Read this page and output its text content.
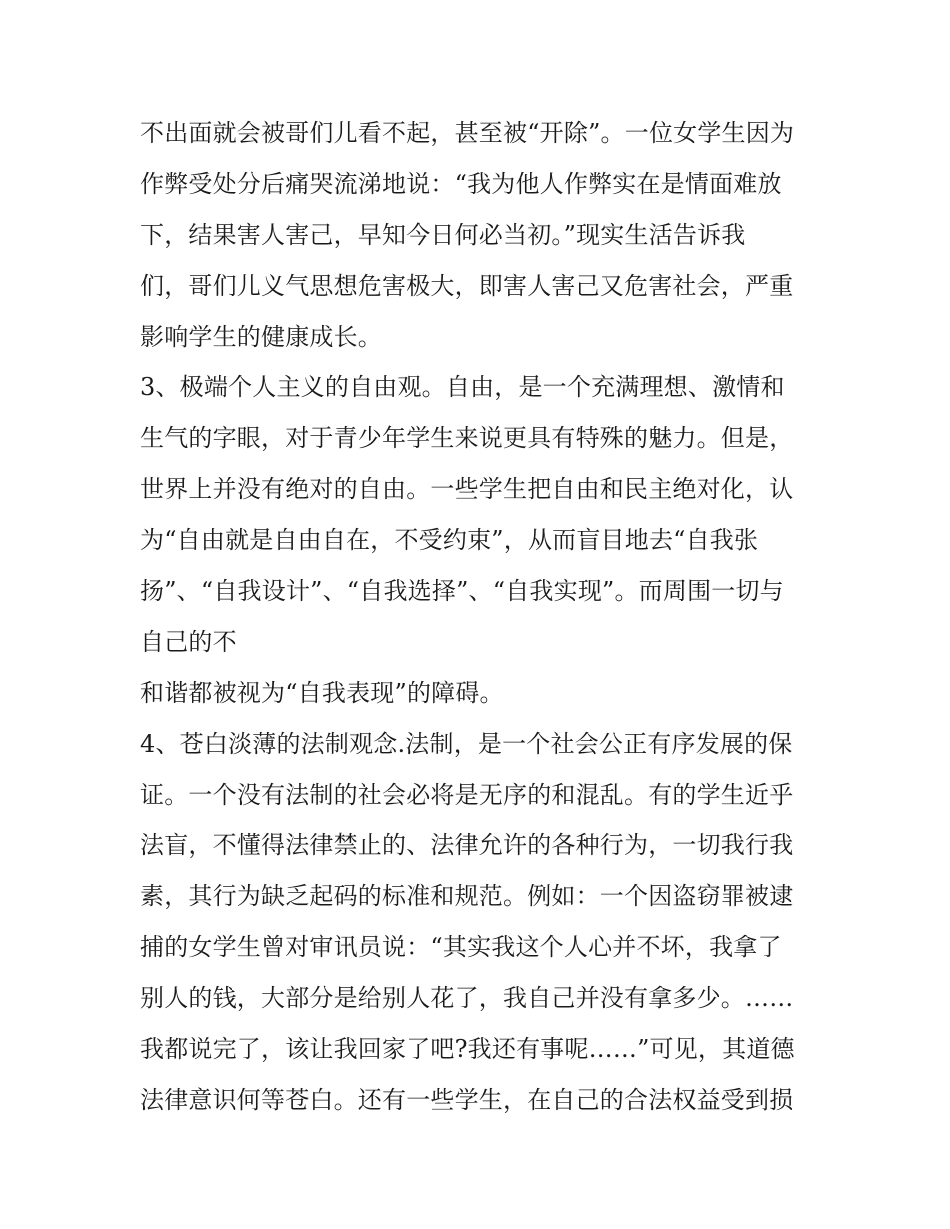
不出面就会被哥们儿看不起，甚至被“开除”。一位女学生因为
作弊受处分后痛哭流涕地说：“我为他人作弊实在是情面难放
下，结果害人害己，早知今日何必当初。”现实生活告诉我
们，哥们儿义气思想危害极大，即害人害己又危害社会，严重
影响学生的健康成长。
3、极端个人主义的自由观。自由，是一个充满理想、激情和
生气的字眼，对于青少年学生来说更具有特殊的魅力。但是，
世界上并没有绝对的自由。一些学生把自由和民主绝对化，认
为“自由就是自由自在，不受约束”，从而盲目地去“自我张
扬”、“自我设计”、“自我选择”、“自我实现”。而周围一切与
自己的不
和谐都被视为“自我表现”的障碍。
4、苍白淡薄的法制观念.法制，是一个社会公正有序发展的保
证。一个没有法制的社会必将是无序的和混乱。有的学生近乎
法盲，不懂得法律禁止的、法律允许的各种行为，一切我行我
素，其行为缺乏起码的标准和规范。例如：一个因盗窃罪被逮
捕的女学生曾对审讯员说：“其实我这个人心并不坏，我拿了
别人的钱，大部分是给别人花了，我自己并没有拿多少。……
我都说完了，该让我回家了吧?我还有事呢……”可见，其道德
法律意识何等苍白。还有一些学生，在自己的合法权益受到损
